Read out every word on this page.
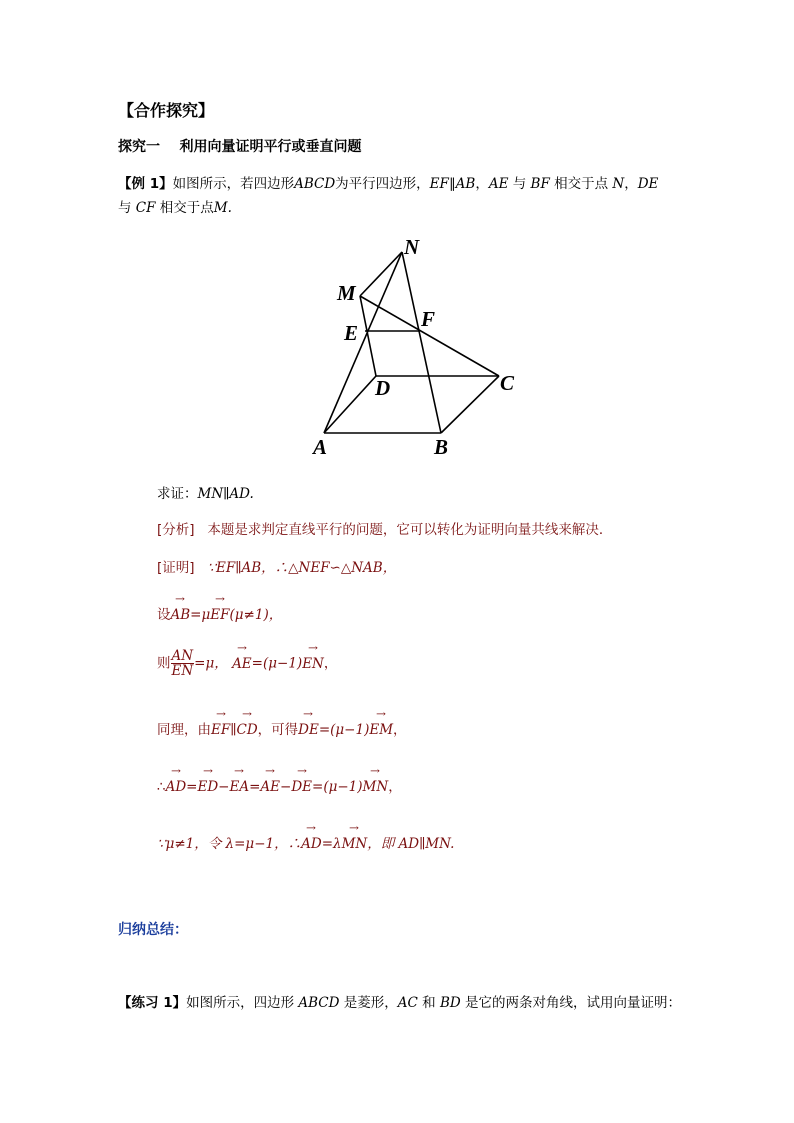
【合作探究】
探究一 利用向量证明平行或垂直问题
【例 1】如图所示，若四边形ABCD为平行四边形，EF∥AB，AE 与 BF 相交于点 N，DE
与 CF 相交于点M.
N
M
E
F
D	C
A	B
求证：MN∥AD.
[分析] 本题是求判定直线平行的问题，它可以转化为证明向量共线来解决．
[证明] ∵EF∥AB，∴△NEF∽△NAB，
设→ AB=μ→ EF(μ≠1)，
则 $\frac{AN}{EN} =\mu$， → AE=(μ−1)→ EN，
同理，由→ EF∥→ CD，可得→ DE=(μ−1)→ EM，
∴→ AD=→ ED−→ EA=→ AE−→ DE=(μ−1)→ MN，
∵μ≠1，令 λ=μ−1，∴→ AD=λ→ MN，即 AD∥MN.
归纳总结：
【练习 1】如图所示，四边形 ABCD 是菱形，AC 和 BD 是它的两条对角线，试用向量证明：
